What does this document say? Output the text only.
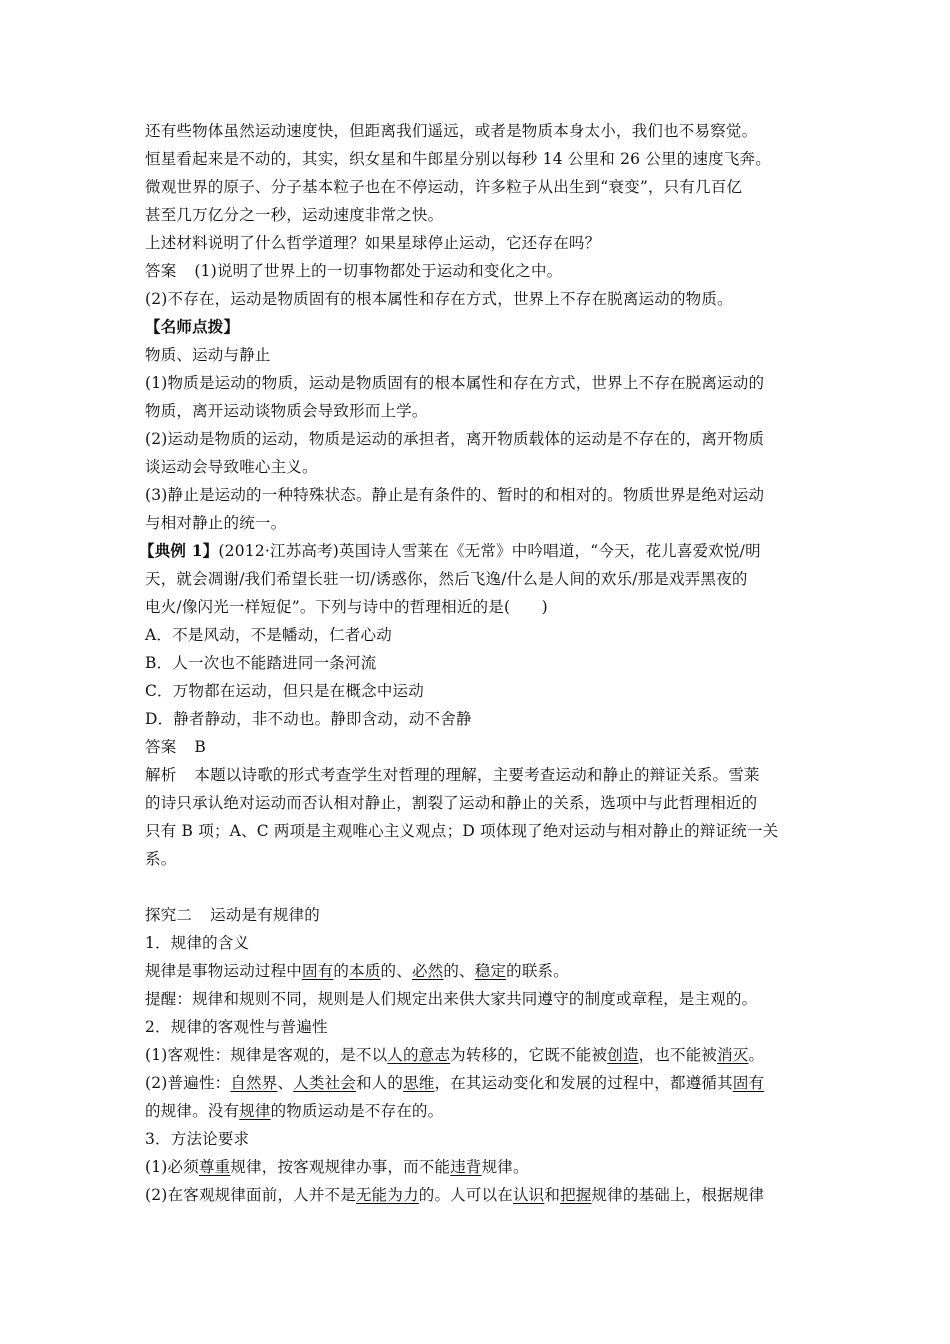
还有些物体虽然运动速度快，但距离我们遥远，或者是物质本身太小，我们也不易察觉。
恒星看起来是不动的，其实，织女星和牛郎星分别以每秒 14 公里和 26 公里的速度飞奔。
微观世界的原子、分子基本粒子也在不停运动，许多粒子从出生到“衰变”，只有几百亿
甚至几万亿分之一秒，运动速度非常之快。
上述材料说明了什么哲学道理？如果星球停止运动，它还存在吗？
答案 (1)说明了世界上的一切事物都处于运动和变化之中。
(2)不存在，运动是物质固有的根本属性和存在方式，世界上不存在脱离运动的物质。
【名师点拨】
物质、运动与静止
(1)物质是运动的物质，运动是物质固有的根本属性和存在方式，世界上不存在脱离运动的
物质，离开运动谈物质会导致形而上学。
(2)运动是物质的运动，物质是运动的承担者，离开物质载体的运动是不存在的，离开物质
谈运动会导致唯心主义。
(3)静止是运动的一种特殊状态。静止是有条件的、暂时的和相对的。物质世界是绝对运动
与相对静止的统一。
【典例 1】(2012·江苏高考)英国诗人雪莱在《无常》中吟唱道，“今天，花儿喜爱欢悦/明
天，就会凋谢/我们希望长驻一切/诱惑你，然后飞逸/什么是人间的欢乐/那是戏弄黑夜的
电火/像闪光一样短促”。下列与诗中的哲理相近的是(　　)
A．不是风动，不是幡动，仁者心动
B．人一次也不能踏进同一条河流
C．万物都在运动，但只是在概念中运动
D．静者静动，非不动也。静即含动，动不舍静
答案 B
解析 本题以诗歌的形式考查学生对哲理的理解，主要考查运动和静止的辩证关系。雪莱
的诗只承认绝对运动而否认相对静止，割裂了运动和静止的关系，选项中与此哲理相近的
只有 B 项；A、C 两项是主观唯心主义观点；D 项体现了绝对运动与相对静止的辩证统一关
系。
探究二 运动是有规律的
1．规律的含义
规律是事物运动过程中固有的本质的、必然的、稳定的联系。
提醒：规律和规则不同，规则是人们规定出来供大家共同遵守的制度或章程，是主观的。
2．规律的客观性与普遍性
(1)客观性：规律是客观的，是不以人的意志为转移的，它既不能被创造，也不能被消灭。
(2)普遍性：自然界、人类社会和人的思维，在其运动变化和发展的过程中，都遵循其固有
的规律。没有规律的物质运动是不存在的。
3．方法论要求
(1)必须尊重规律，按客观规律办事，而不能违背规律。
(2)在客观规律面前，人并不是无能为力的。人可以在认识和把握规律的基础上，根据规律
